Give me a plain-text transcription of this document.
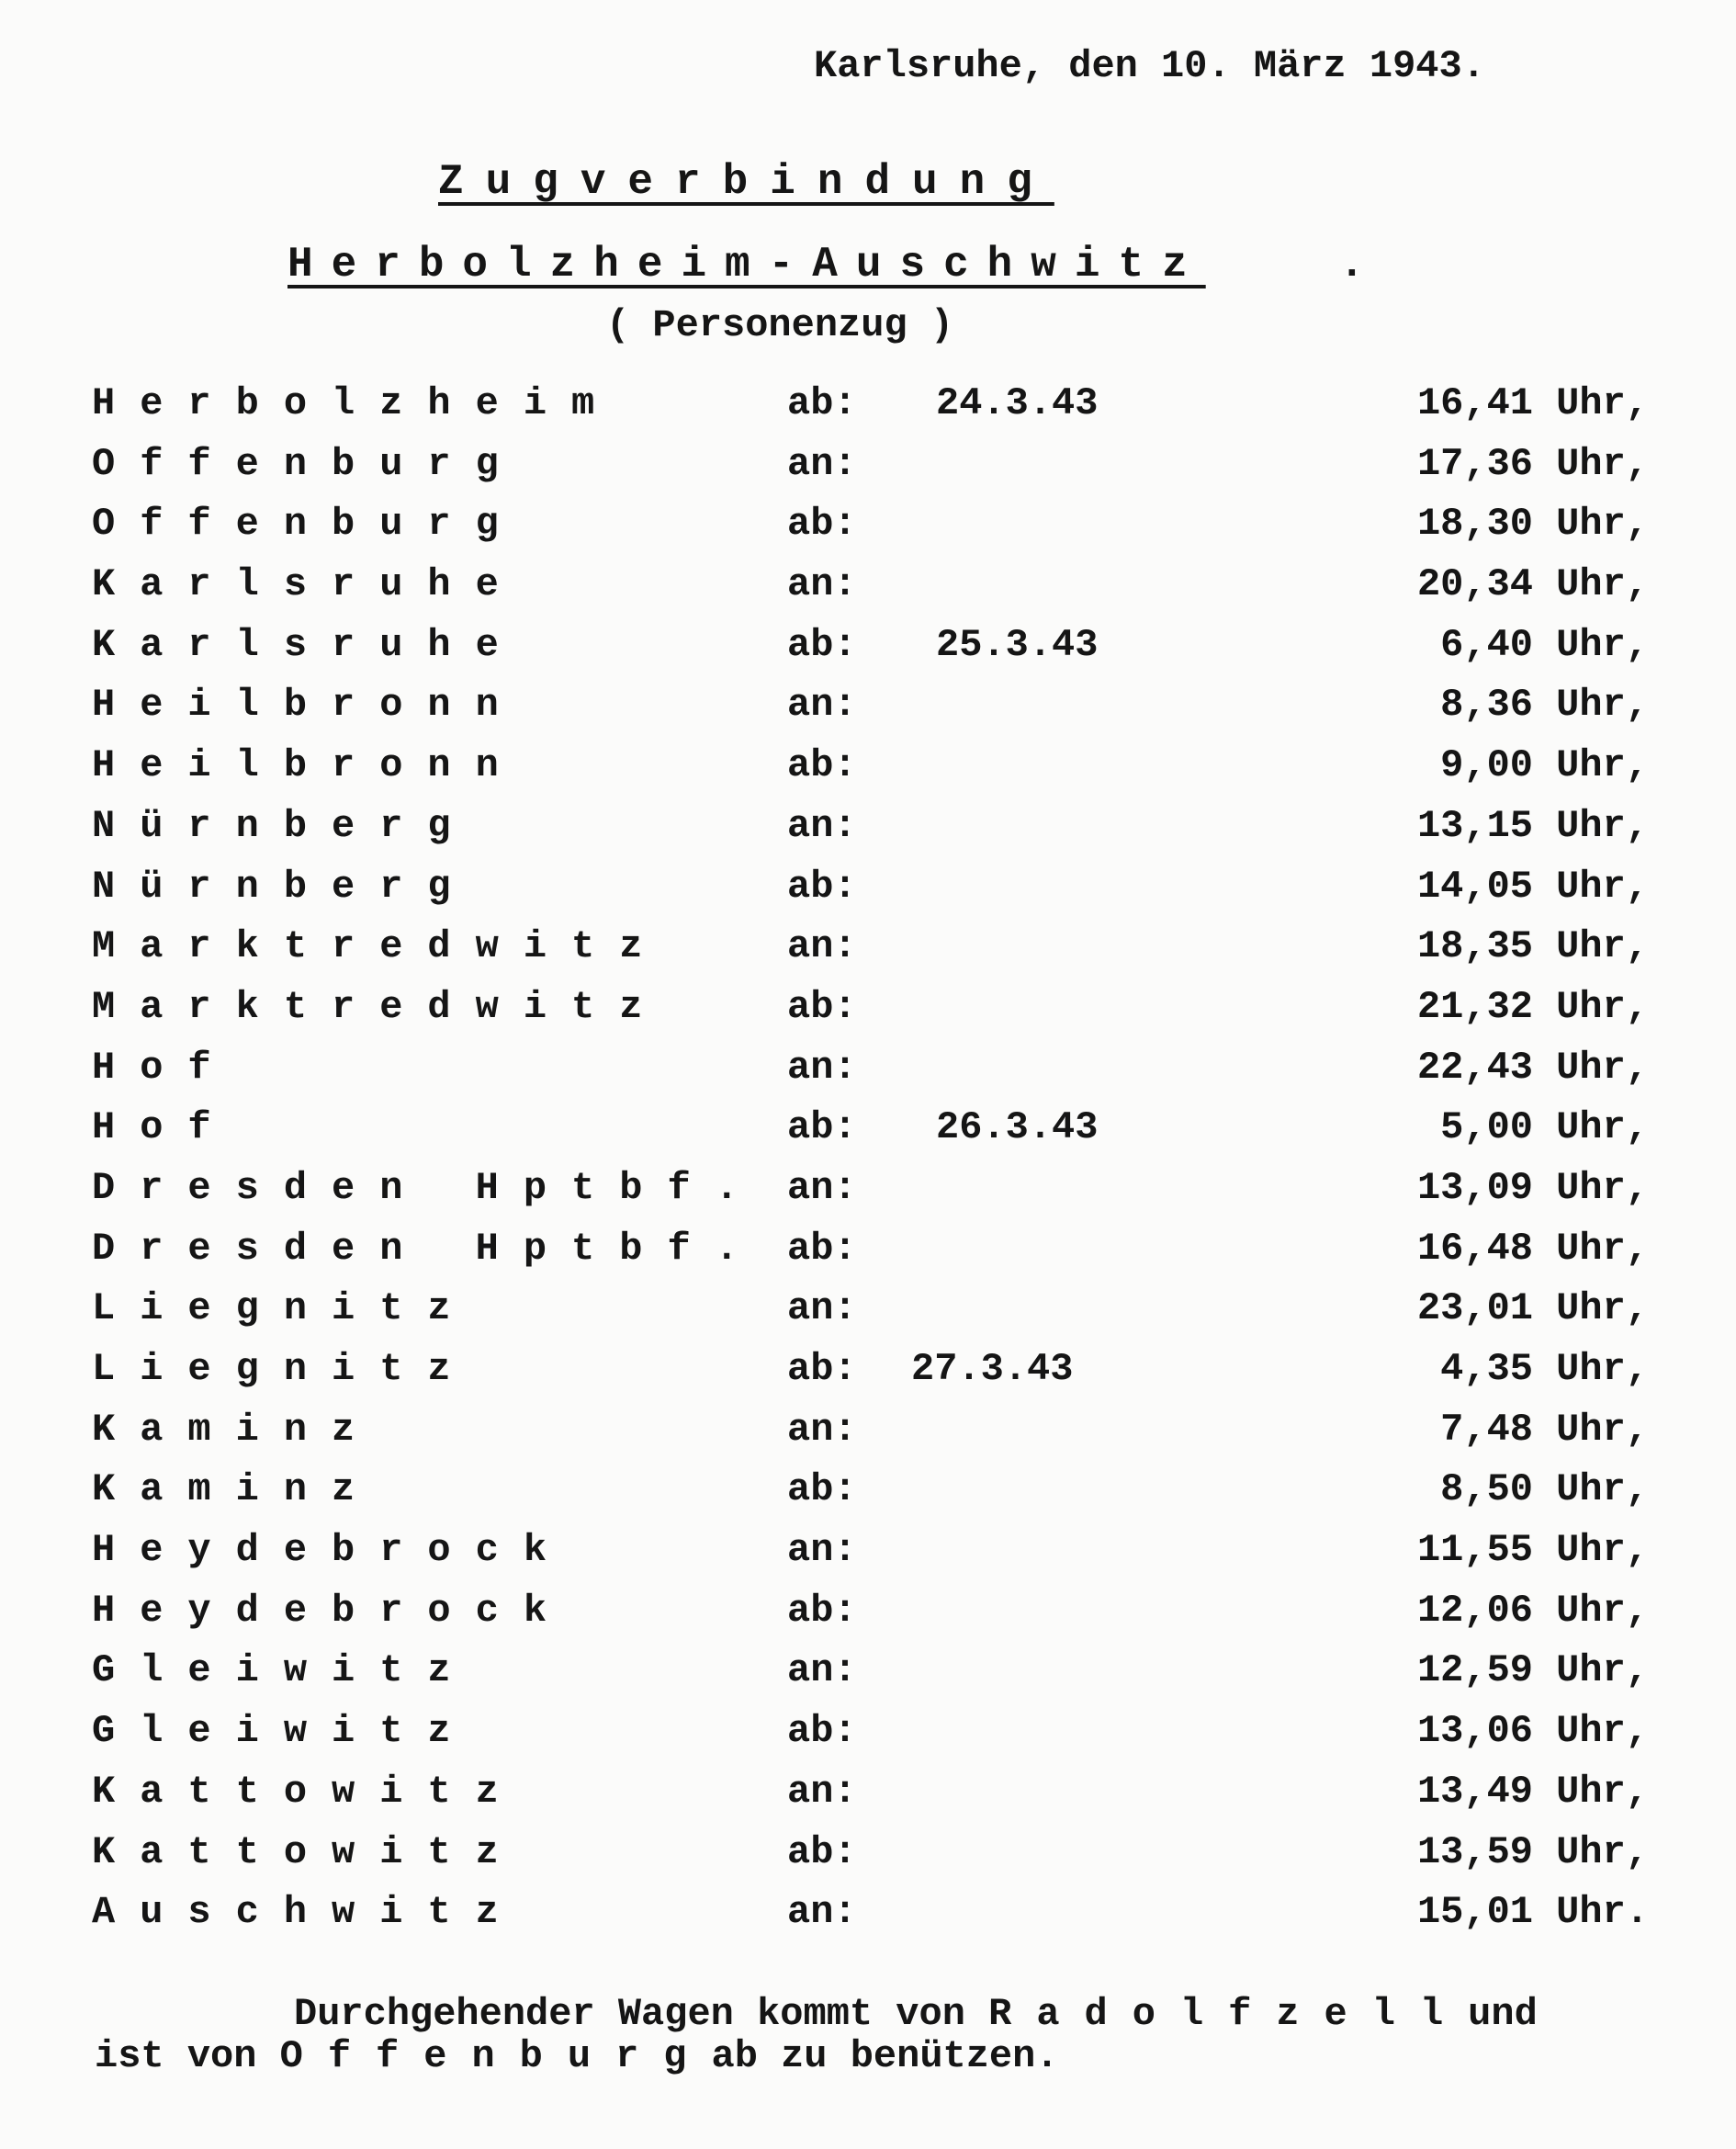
Karlsruhe, den 10. März 1943.
Zugverbindung
Herbolzheim-Auschwitz	.
( Personenzug )
Herbolzheim	ab: 24.3.43	16,41 Uhr,
Offenburg	an:	17,36 Uhr,
Offenburg	ab:	18,30 Uhr,
Karlsruhe	an:	20,34 Uhr,
Karlsruhe	ab: 25.3.43	6,40 Uhr,
Heilbronn	an:	8,36 Uhr,
Heilbronn	ab:	9,00 Uhr,
Nürnberg	an:	13,15 Uhr,
Nürnberg	ab:	14,05 Uhr,
Marktredwitz	an:	18,35 Uhr,
Marktredwitz	ab:	21,32 Uhr,
Hof	an:	22,43 Uhr,
Hof	ab: 26.3.43	5,00 Uhr,
Dresden Hptbf. an:	13,09 Uhr,
Dresden Hptbf. ab:	16,48 Uhr,
Liegnitz	an:	23,01 Uhr,
Liegnitz	ab: 27.3.43	4,35 Uhr,
Kaminz	an:	7,48 Uhr,
Kaminz	ab:	8,50 Uhr,
Heydebrock	an:	11,55 Uhr,
Heydebrock	ab:	12,06 Uhr,
Gleiwitz	an:	12,59 Uhr,
Gleiwitz	ab:	13,06 Uhr,
Kattowitz	an:	13,49 Uhr,
Kattowitz	ab:	13,59 Uhr,
Auschwitz	an:	15,01 Uhr.
Durchgehender Wagen kommt von Radolfzellund
ist von Offenburgab zu benützen.
